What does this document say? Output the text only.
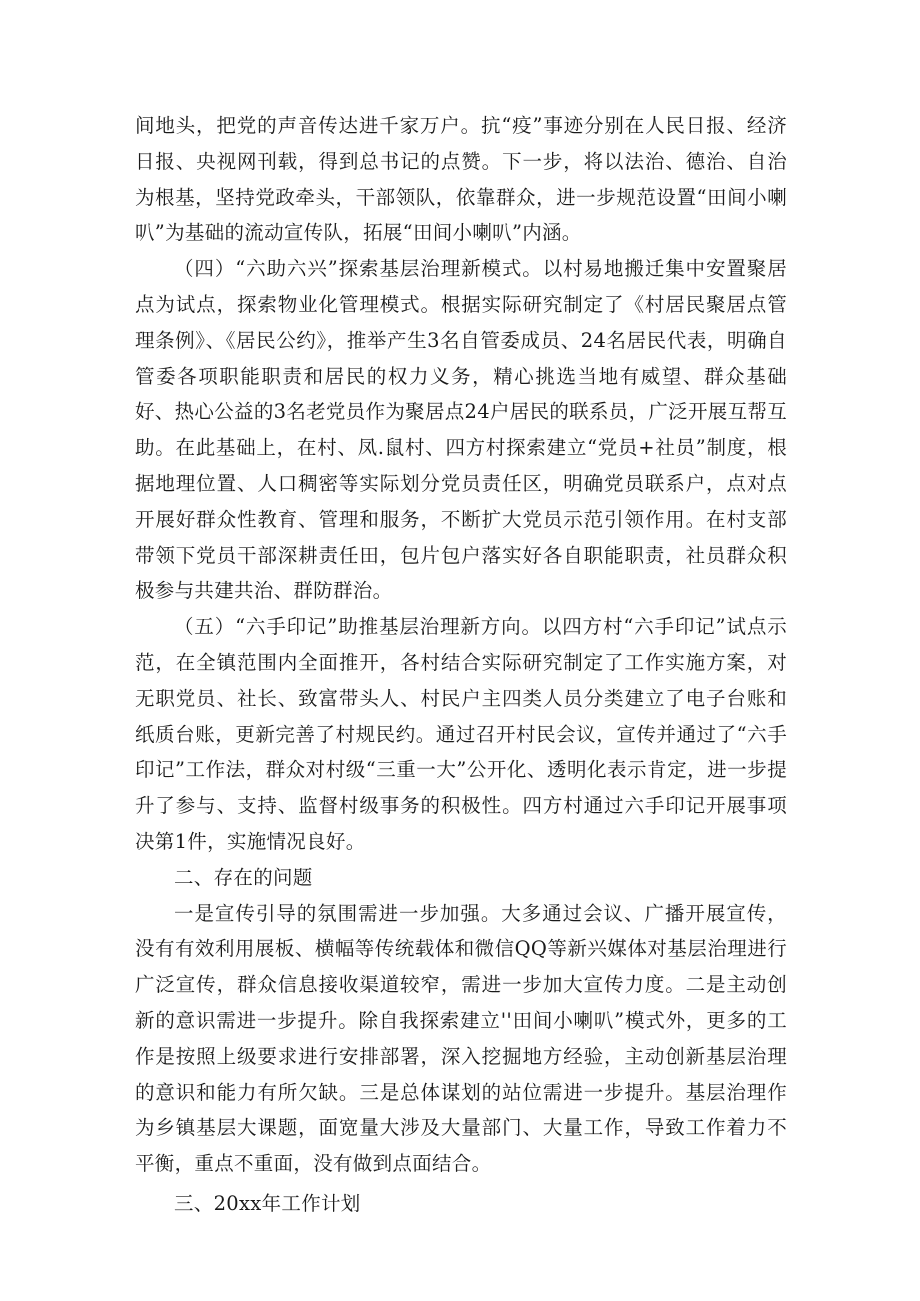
间地头，把党的声音传达进千家万户。抗“疫”事迹分别在人民日报、经济日报、央视网刊载，得到总书记的点赞。下一步，将以法治、德治、自治为根基，坚持党政牵头，干部领队，依靠群众，进一步规范设置“田间小喇叭”为基础的流动宣传队，拓展“田间小喇叭”内涵。

（四）“六助六兴”探索基层治理新模式。以村易地搬迁集中安置聚居点为试点，探索物业化管理模式。根据实际研究制定了《村居民聚居点管理条例》、《居民公约》，推举产生3名自管委成员、24名居民代表，明确自管委各项职能职责和居民的权力义务，精心挑选当地有威望、群众基础好、热心公益的3名老党员作为聚居点24户居民的联系员，广泛开展互帮互助。在此基础上，在村、凤.鼠村、四方村探索建立“党员+社员”制度，根据地理位置、人口稠密等实际划分党员责任区，明确党员联系户，点对点开展好群众性教育、管理和服务，不断扩大党员示范引领作用。在村支部带领下党员干部深耕责任田，包片包户落实好各自职能职责，社员群众积极参与共建共治、群防群治。

（五）“六手印记”助推基层治理新方向。以四方村“六手印记”试点示范，在全镇范围内全面推开，各村结合实际研究制定了工作实施方案，对无职党员、社长、致富带头人、村民户主四类人员分类建立了电子台账和纸质台账，更新完善了村规民约。通过召开村民会议，宣传并通过了“六手印记”工作法，群众对村级“三重一大”公开化、透明化表示肯定，进一步提升了参与、支持、监督村级事务的积极性。四方村通过六手印记开展事项决第1件，实施情况良好。

二、存在的问题

一是宣传引导的氛围需进一步加强。大多通过会议、广播开展宣传，没有有效利用展板、横幅等传统载体和微信QQ等新兴媒体对基层治理进行广泛宣传，群众信息接收渠道较窄，需进一步加大宣传力度。二是主动创新的意识需进一步提升。除自我探索建立''田间小喇叭”模式外，更多的工作是按照上级要求进行安排部署，深入挖掘地方经验，主动创新基层治理的意识和能力有所欠缺。三是总体谋划的站位需进一步提升。基层治理作为乡镇基层大课题，面宽量大涉及大量部门、大量工作，导致工作着力不平衡，重点不重面，没有做到点面结合。

三、20xx年工作计划
